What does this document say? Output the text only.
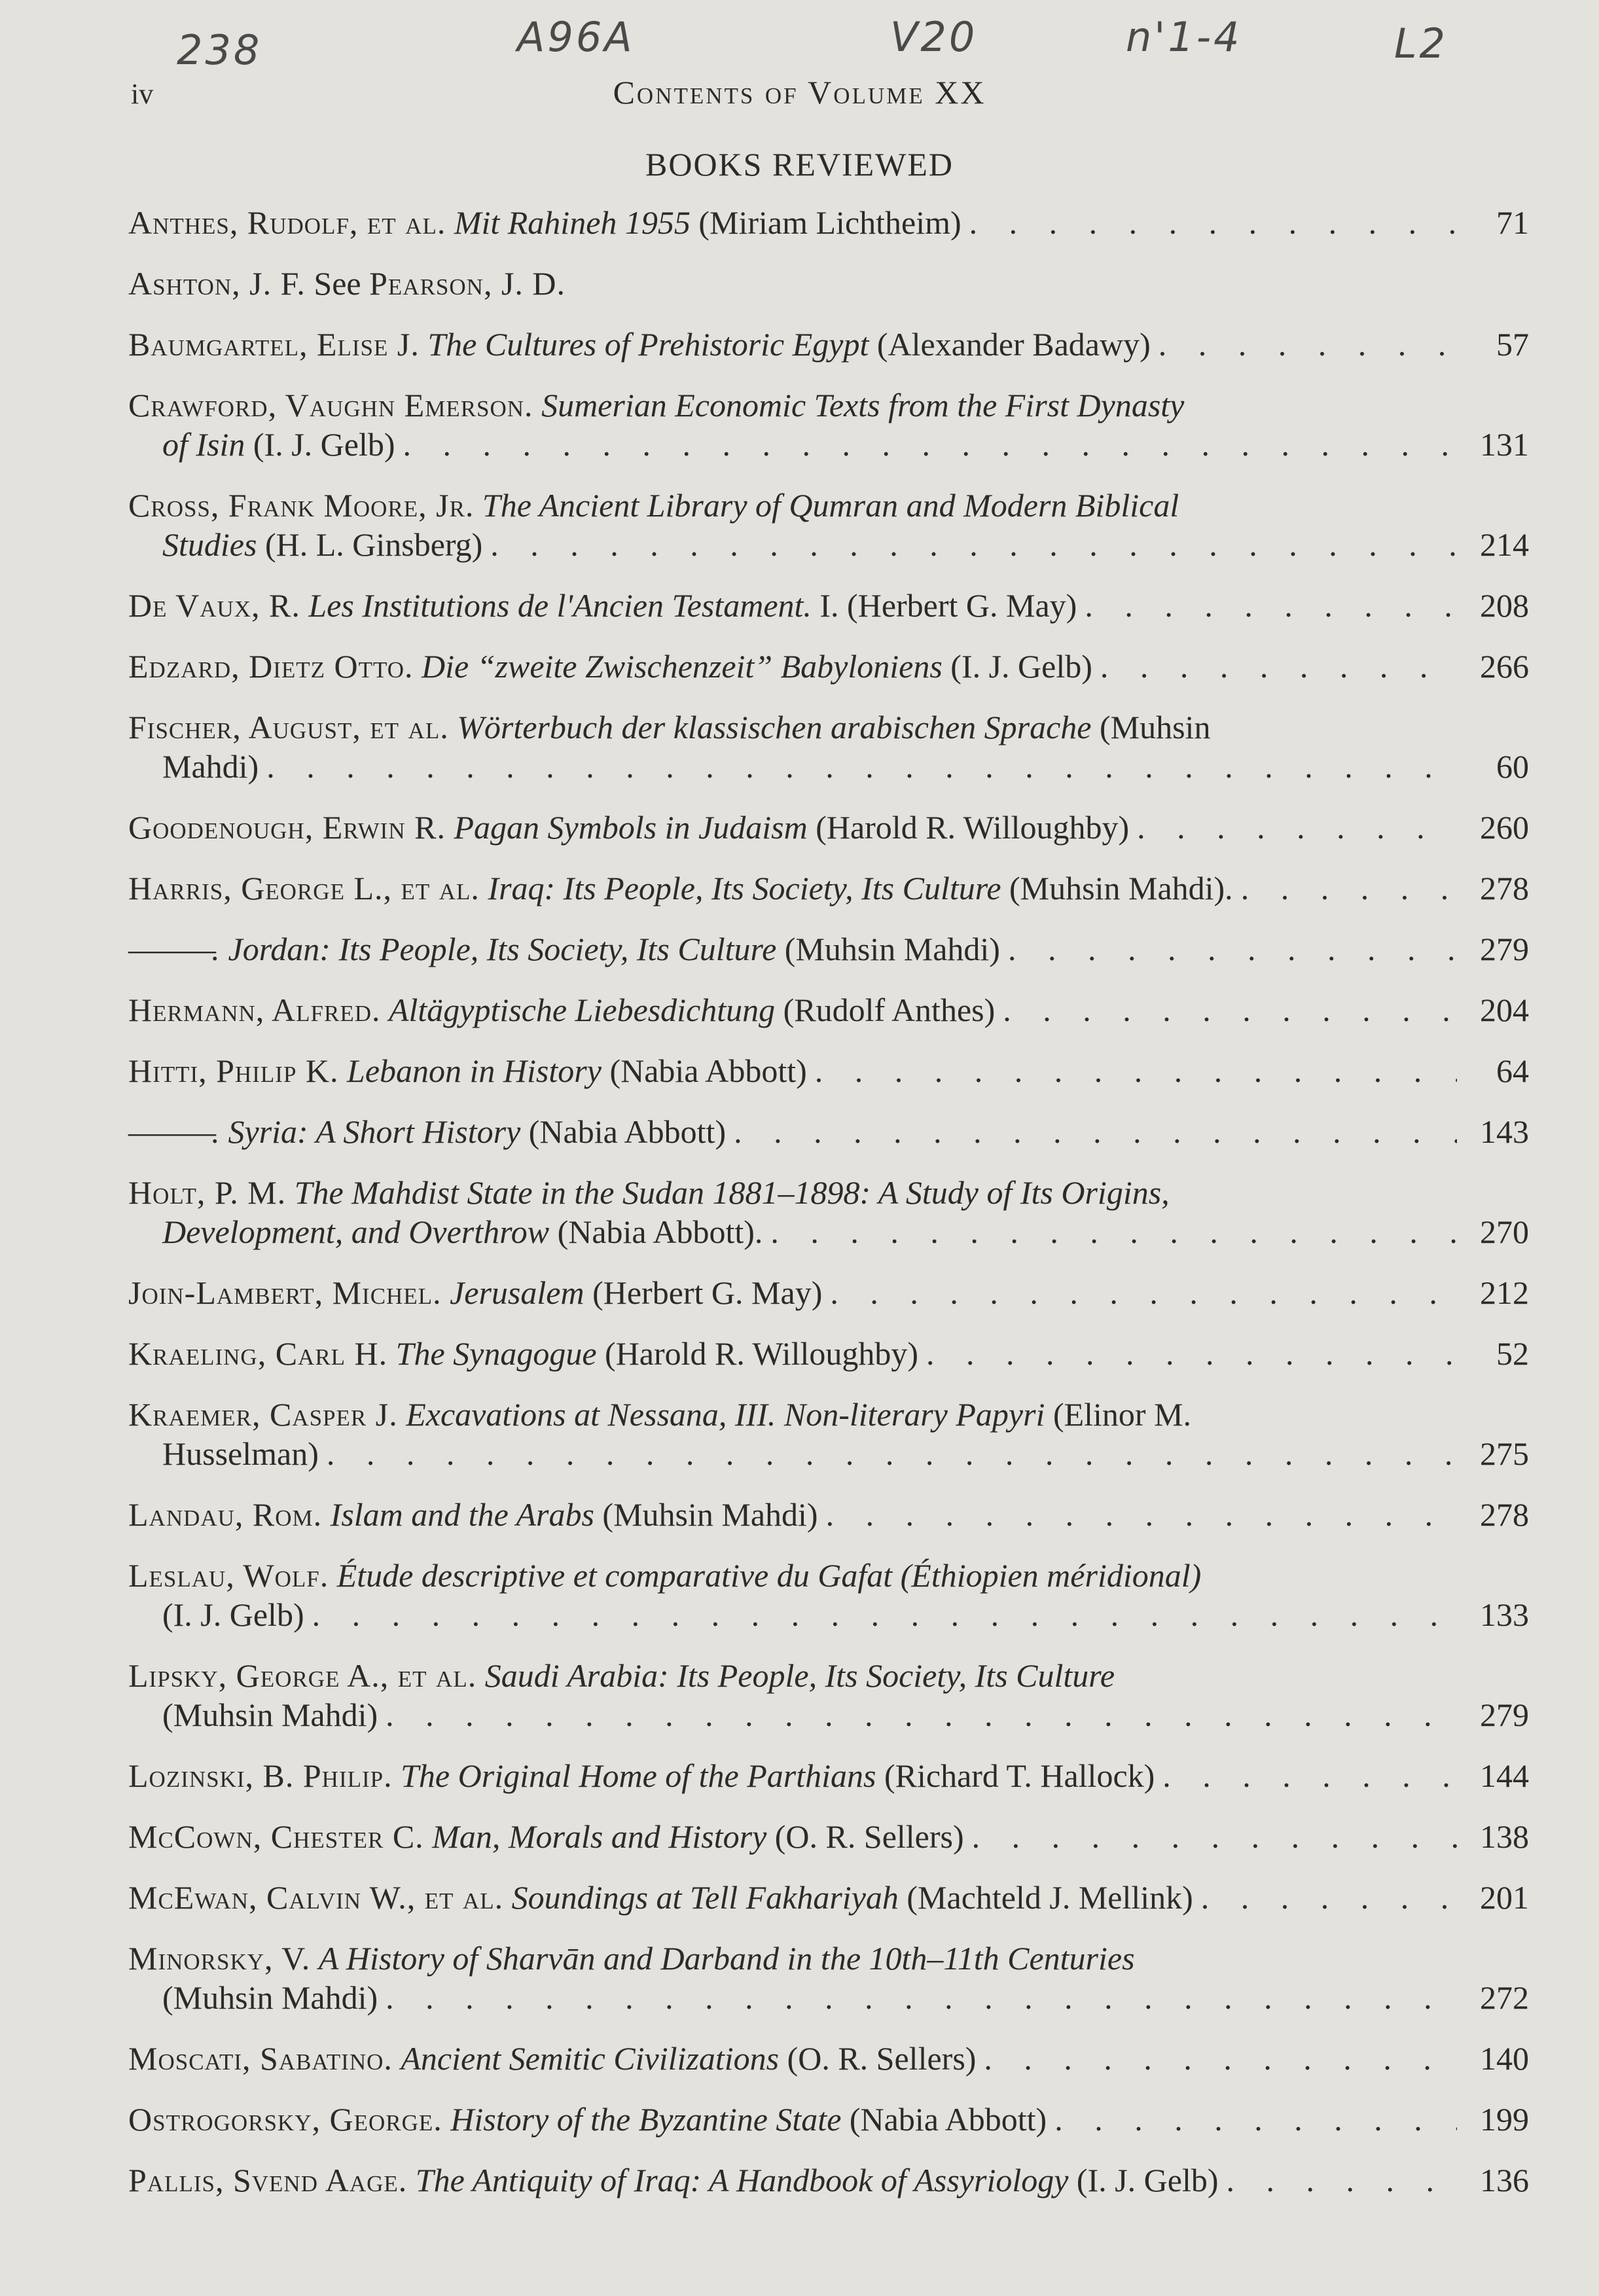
238	A96A	V20	n'1-4	L2
iv	Contents of Volume XX
BOOKS REVIEWED
Anthes, Rudolf, et al. Mit Rahineh 1955 (Miriam Lichtheim) . . .	71
Ashton, J. F. See Pearson, J. D.
Baumgartel, Elise J. The Cultures of Prehistoric Egypt (Alexander Badawy) . . .	57
Crawford, Vaughn Emerson. Sumerian Economic Texts from the First Dynasty
of Isin (I. J. Gelb) . . .	131
Cross, Frank Moore, Jr. The Ancient Library of Qumran and Modern Biblical
Studies (H. L. Ginsberg) . . .	214
De Vaux, R. Les Institutions de l'Ancien Testament. I. (Herbert G. May) . . .	208
Edzard, Dietz Otto. Die “zweite Zwischenzeit” Babyloniens (I. J. Gelb) . . .	266
Fischer, August, et al. Wörterbuch der klassischen arabischen Sprache (Muhsin
Mahdi) . . .	60
Goodenough, Erwin R. Pagan Symbols in Judaism (Harold R. Willoughby) . . .	260
Harris, George L., et al. Iraq: Its People, Its Society, Its Culture (Muhsin Mahdi). . . .	278
———. Jordan: Its People, Its Society, Its Culture (Muhsin Mahdi) . . .	279
Hermann, Alfred. Altägyptische Liebesdichtung (Rudolf Anthes) . . .	204
Hitti, Philip K. Lebanon in History (Nabia Abbott) . . .	64
———. Syria: A Short History (Nabia Abbott) . . .	143
Holt, P. M. The Mahdist State in the Sudan 1881–1898: A Study of Its Origins,
Development, and Overthrow (Nabia Abbott). . . .	270
Join-Lambert, Michel. Jerusalem (Herbert G. May) . . .	212
Kraeling, Carl H. The Synagogue (Harold R. Willoughby) . . .	52
Kraemer, Casper J. Excavations at Nessana, III. Non-literary Papyri (Elinor M.
Husselman) . . .	275
Landau, Rom. Islam and the Arabs (Muhsin Mahdi) . . .	278
Leslau, Wolf. Étude descriptive et comparative du Gafat (Éthiopien méridional)
(I. J. Gelb) . . .	133
Lipsky, George A., et al. Saudi Arabia: Its People, Its Society, Its Culture
(Muhsin Mahdi) . . .	279
Lozinski, B. Philip. The Original Home of the Parthians (Richard T. Hallock) . . .	144
McCown, Chester C. Man, Morals and History (O. R. Sellers) . . .	138
McEwan, Calvin W., et al. Soundings at Tell Fakhariyah (Machteld J. Mellink) . . .	201
Minorsky, V. A History of Sharvān and Darband in the 10th–11th Centuries
(Muhsin Mahdi) . . .	272
Moscati, Sabatino. Ancient Semitic Civilizations (O. R. Sellers) . . .	140
Ostrogorsky, George. History of the Byzantine State (Nabia Abbott) . . .	199
Pallis, Svend Aage. The Antiquity of Iraq: A Handbook of Assyriology (I. J. Gelb) . . .	136
